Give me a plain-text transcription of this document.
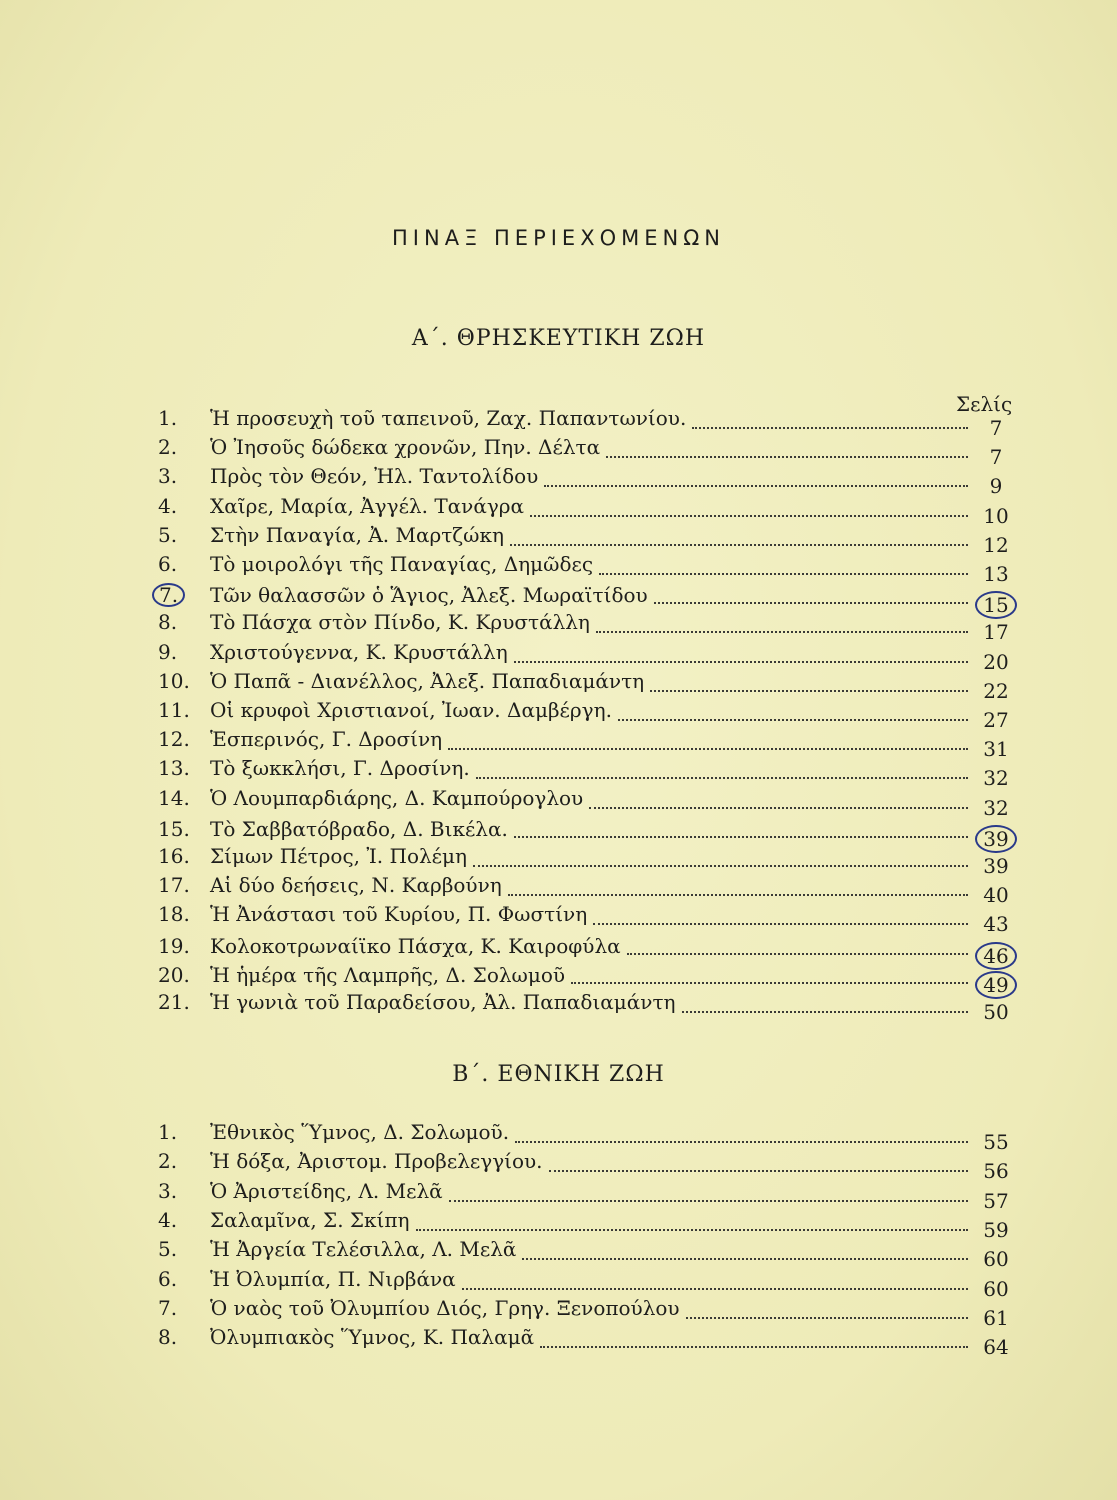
ΠΙΝΑΞ ΠΕΡΙΕΧΟΜΕΝΩΝ
Α΄. ΘΡΗΣΚΕΥΤΙΚΗ ΖΩΗ
Σελίς
1.	Ἡ προσευχὴ τοῦ ταπεινοῦ, Ζαχ. Παπαντωνίου.	7
2.	Ὁ Ἰησοῦς δώδεκα χρονῶν, Πην. Δέλτα	7
3.	Πρὸς τὸν Θεόν, Ἠλ. Ταντολίδου	9
4.	Χαῖρε, Μαρία, Ἀγγέλ. Τανάγρα	10
5.	Στὴν Παναγία, Ἀ. Μαρτζώκη	12
6.	Τὸ μοιρολόγι τῆς Παναγίας, Δημῶδες	13
7.	Τῶν θαλασσῶν ὁ Ἅγιος, Ἀλεξ. Μωραϊτίδου	15
8.	Τὸ Πάσχα στὸν Πίνδο, Κ. Κρυστάλλη	17
9.	Χριστούγεννα, Κ. Κρυστάλλη	20
10.	Ὁ Παπᾶ - Διανέλλος, Ἀλεξ. Παπαδιαμάντη	22
11.	Οἱ κρυφοὶ Χριστιανοί, Ἰωαν. Δαμβέργη.	27
12.	Ἑσπερινός, Γ. Δροσίνη	31
13.	Τὸ ξωκκλήσι, Γ. Δροσίνη.	32
14.	Ὁ Λουμπαρδιάρης, Δ. Καμπούρογλου	32
15.	Τὸ Σαββατόβραδο, Δ. Βικέλα.	39
16.	Σίμων Πέτρος, Ἰ. Πολέμη	39
17.	Αἱ δύο δεήσεις, Ν. Καρβούνη	40
18.	Ἡ Ἀνάστασι τοῦ Κυρίου, Π. Φωστίνη	43
19.	Κολοκοτρωναίϊκο Πάσχα, Κ. Καιροφύλα	46
20.	Ἡ ἡμέρα τῆς Λαμπρῆς, Δ. Σολωμοῦ	49
21.	Ἡ γωνιὰ τοῦ Παραδείσου, Ἀλ. Παπαδιαμάντη	50
Β΄. ΕΘΝΙΚΗ ΖΩΗ
1.	Ἐθνικὸς Ὕμνος, Δ. Σολωμοῦ.	55
2.	Ἡ δόξα, Ἀριστομ. Προβελεγγίου.	56
3.	Ὁ Ἀριστείδης, Λ. Μελᾶ	57
4.	Σαλαμῖνα, Σ. Σκίπη	59
5.	Ἡ Ἀργεία Τελέσιλλα, Λ. Μελᾶ	60
6.	Ἡ Ὀλυμπία, Π. Νιρβάνα	60
7.	Ὁ ναὸς τοῦ Ὀλυμπίου Διός, Γρηγ. Ξενοπούλου	61
8.	Ὀλυμπιακὸς Ὕμνος, Κ. Παλαμᾶ	64
